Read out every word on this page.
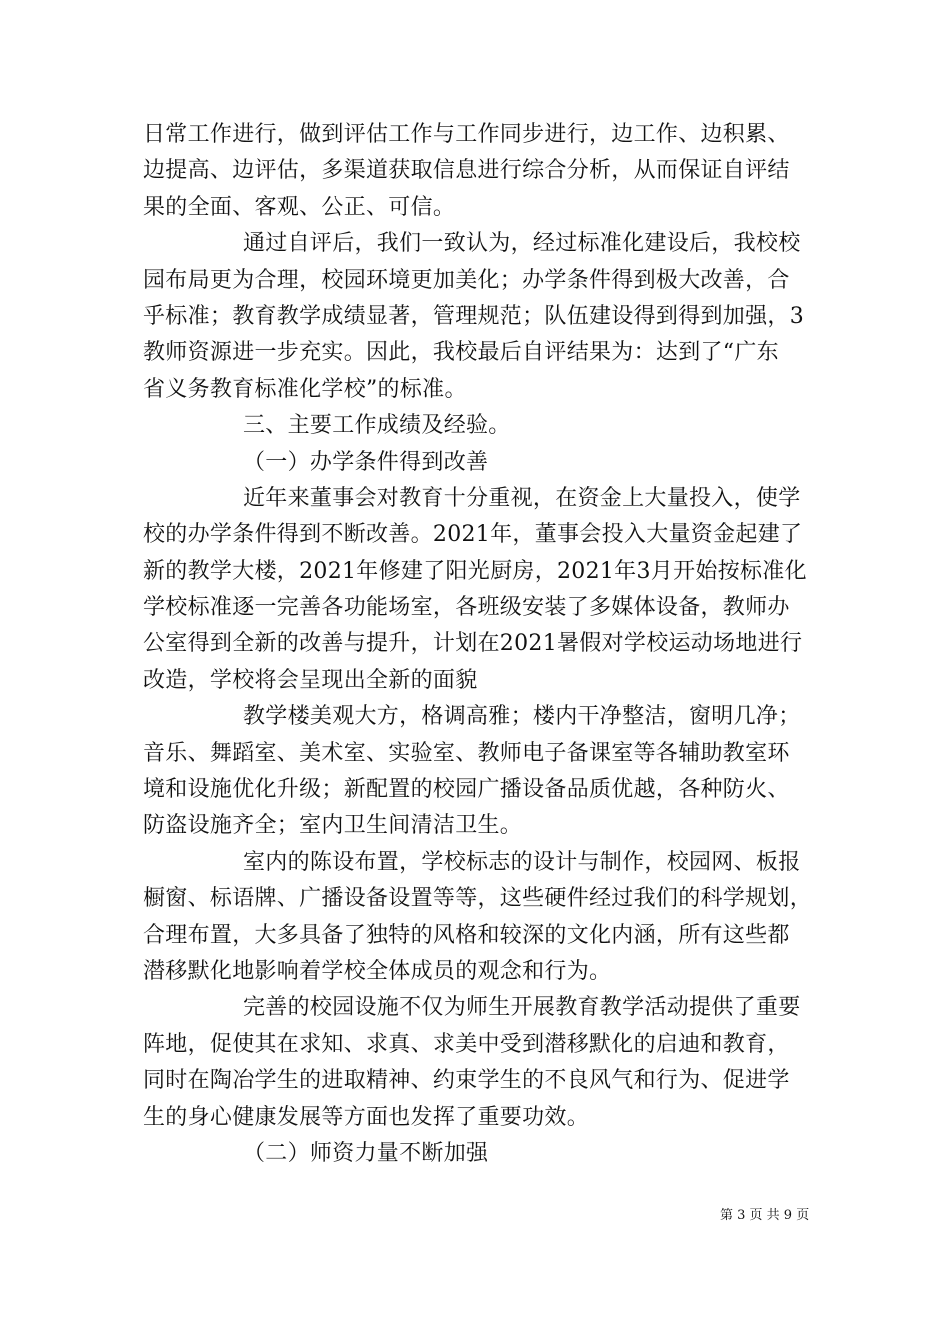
日常工作进行，做到评估工作与工作同步进行，边工作、边积累、
边提高、边评估，多渠道获取信息进行综合分析，从而保证自评结
果的全面、客观、公正、可信。
通过自评后，我们一致认为，经过标准化建设后，我校校
园布局更为合理，校园环境更加美化；办学条件得到极大改善，合
乎标准；教育教学成绩显著，管理规范；队伍建设得到得到加强，3
教师资源进一步充实。因此，我校最后自评结果为：达到了“广东
省义务教育标准化学校”的标准。
三、主要工作成绩及经验。
（一）办学条件得到改善
近年来董事会对教育十分重视，在资金上大量投入，使学
校的办学条件得到不断改善。2021年，董事会投入大量资金起建了
新的教学大楼，2021年修建了阳光厨房，2021年3月开始按标准化
学校标准逐一完善各功能场室，各班级安装了多媒体设备，教师办
公室得到全新的改善与提升，计划在2021暑假对学校运动场地进行
改造，学校将会呈现出全新的面貌
教学楼美观大方，格调高雅；楼内干净整洁，窗明几净；
音乐、舞蹈室、美术室、实验室、教师电子备课室等各辅助教室环
境和设施优化升级；新配置的校园广播设备品质优越，各种防火、
防盗设施齐全；室内卫生间清洁卫生。
室内的陈设布置，学校标志的设计与制作，校园网、板报
橱窗、标语牌、广播设备设置等等，这些硬件经过我们的科学规划，
合理布置，大多具备了独特的风格和较深的文化内涵，所有这些都
潜移默化地影响着学校全体成员的观念和行为。
完善的校园设施不仅为师生开展教育教学活动提供了重要
阵地，促使其在求知、求真、求美中受到潜移默化的启迪和教育，
同时在陶冶学生的进取精神、约束学生的不良风气和行为、促进学
生的身心健康发展等方面也发挥了重要功效。
（二）师资力量不断加强
第 3 页 共 9 页
